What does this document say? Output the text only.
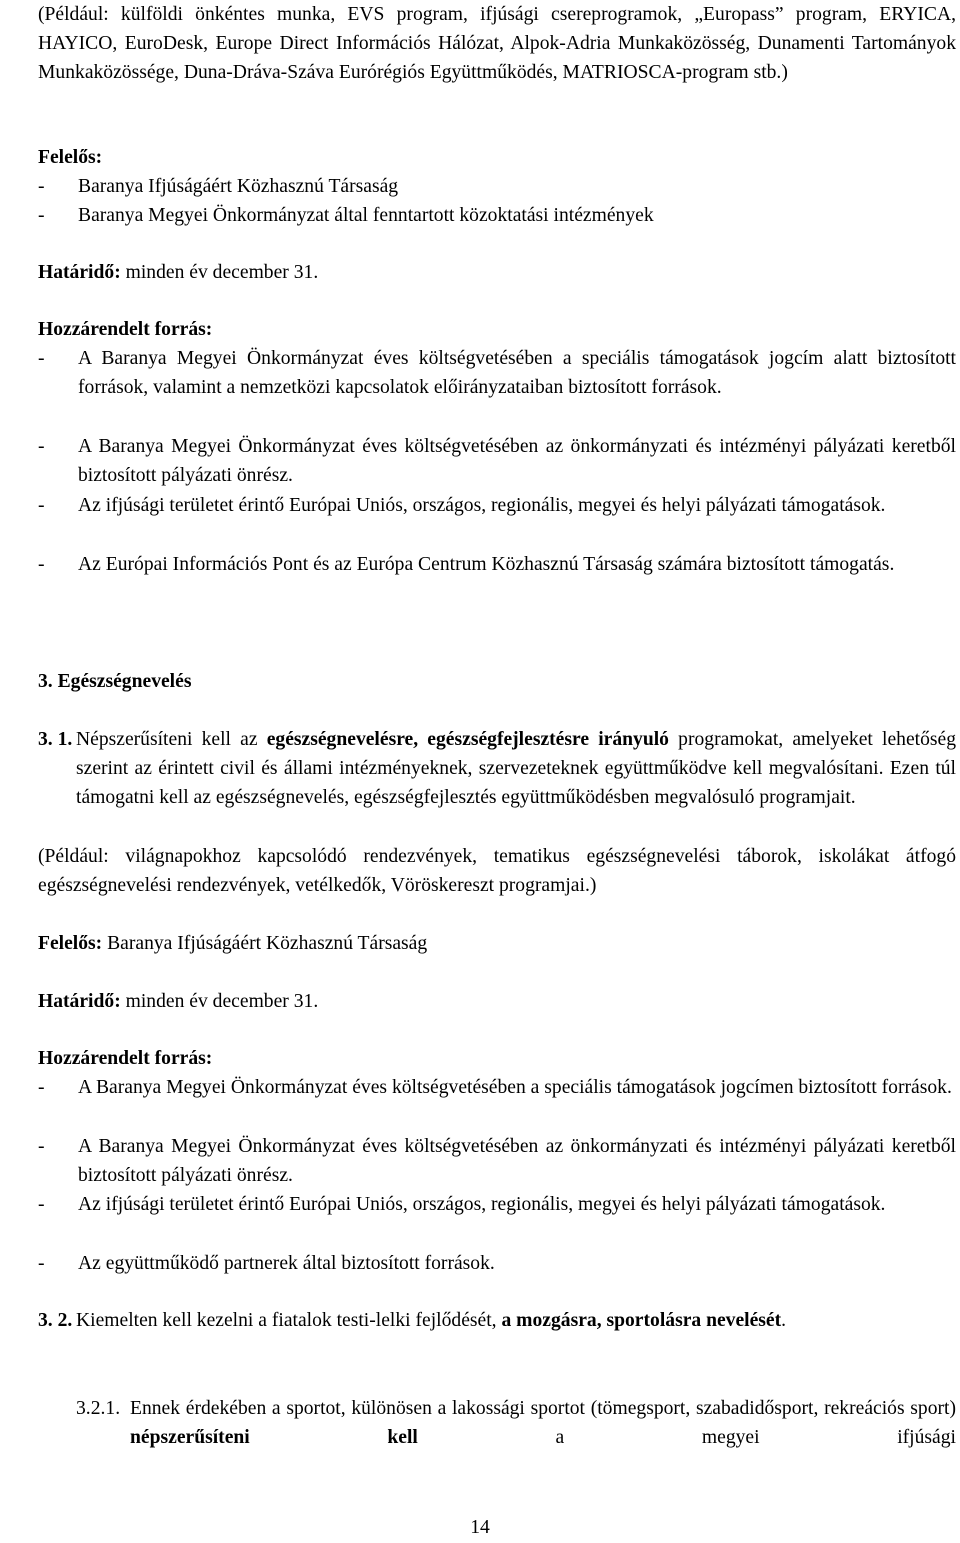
(Például: külföldi önkéntes munka, EVS program, ifjúsági csereprogramok, „Europass” program, ERYICA, HAYICO, EuroDesk, Europe Direct Információs Hálózat, Alpok-Adria Munkaközösség, Dunamenti Tartományok Munkaközössége, Duna-Dráva-Száva Eurórégiós Együttműködés, MATRIOSCA-program stb.)
Felelős:
- Baranya Ifjúságáért Közhasznú Társaság
- Baranya Megyei Önkormányzat által fenntartott közoktatási intézmények
Határidő: minden év december 31.
Hozzárendelt forrás:
- A Baranya Megyei Önkormányzat éves költségvetésében a speciális támogatások jogcím alatt biztosított források, valamint a nemzetközi kapcsolatok előirányzataiban biztosított források.
- A Baranya Megyei Önkormányzat éves költségvetésében az önkormányzati és intézményi pályázati keretből biztosított pályázati önrész.
- Az ifjúsági területet érintő Európai Uniós, országos, regionális, megyei és helyi pályázati támogatások.
- Az Európai Információs Pont és az Európa Centrum Közhasznú Társaság számára biztosított támogatás.
3. Egészségnevelés
3. 1. Népszerűsíteni kell az egészségnevelésre, egészségfejlesztésre irányuló programokat, amelyeket lehetőség szerint az érintett civil és állami intézményeknek, szervezeteknek együttműködve kell megvalósítani. Ezen túl támogatni kell az egészségnevelés, egészségfejlesztés együttműködésben megvalósuló programjait.
(Például: világnapokhoz kapcsolódó rendezvények, tematikus egészségnevelési táborok, iskolákat átfogó egészségnevelési rendezvények, vetélkedők, Vöröskereszt programjai.)
Felelős: Baranya Ifjúságáért Közhasznú Társaság
Határidő: minden év december 31.
Hozzárendelt forrás:
- A Baranya Megyei Önkormányzat éves költségvetésében a speciális támogatások jogcímen biztosított források.
- A Baranya Megyei Önkormányzat éves költségvetésében az önkormányzati és intézményi pályázati keretből biztosított pályázati önrész.
- Az ifjúsági területet érintő Európai Uniós, országos, regionális, megyei és helyi pályázati támogatások.
- Az együttműködő partnerek által biztosított források.
3. 2. Kiemelten kell kezelni a fiatalok testi-lelki fejlődését, a mozgásra, sportolásra nevelését.
3.2.1. Ennek érdekében a sportot, különösen a lakossági sportot (tömegsport, szabadidősport, rekreációs sport) népszerűsíteni kell a megyei ifjúsági
14
